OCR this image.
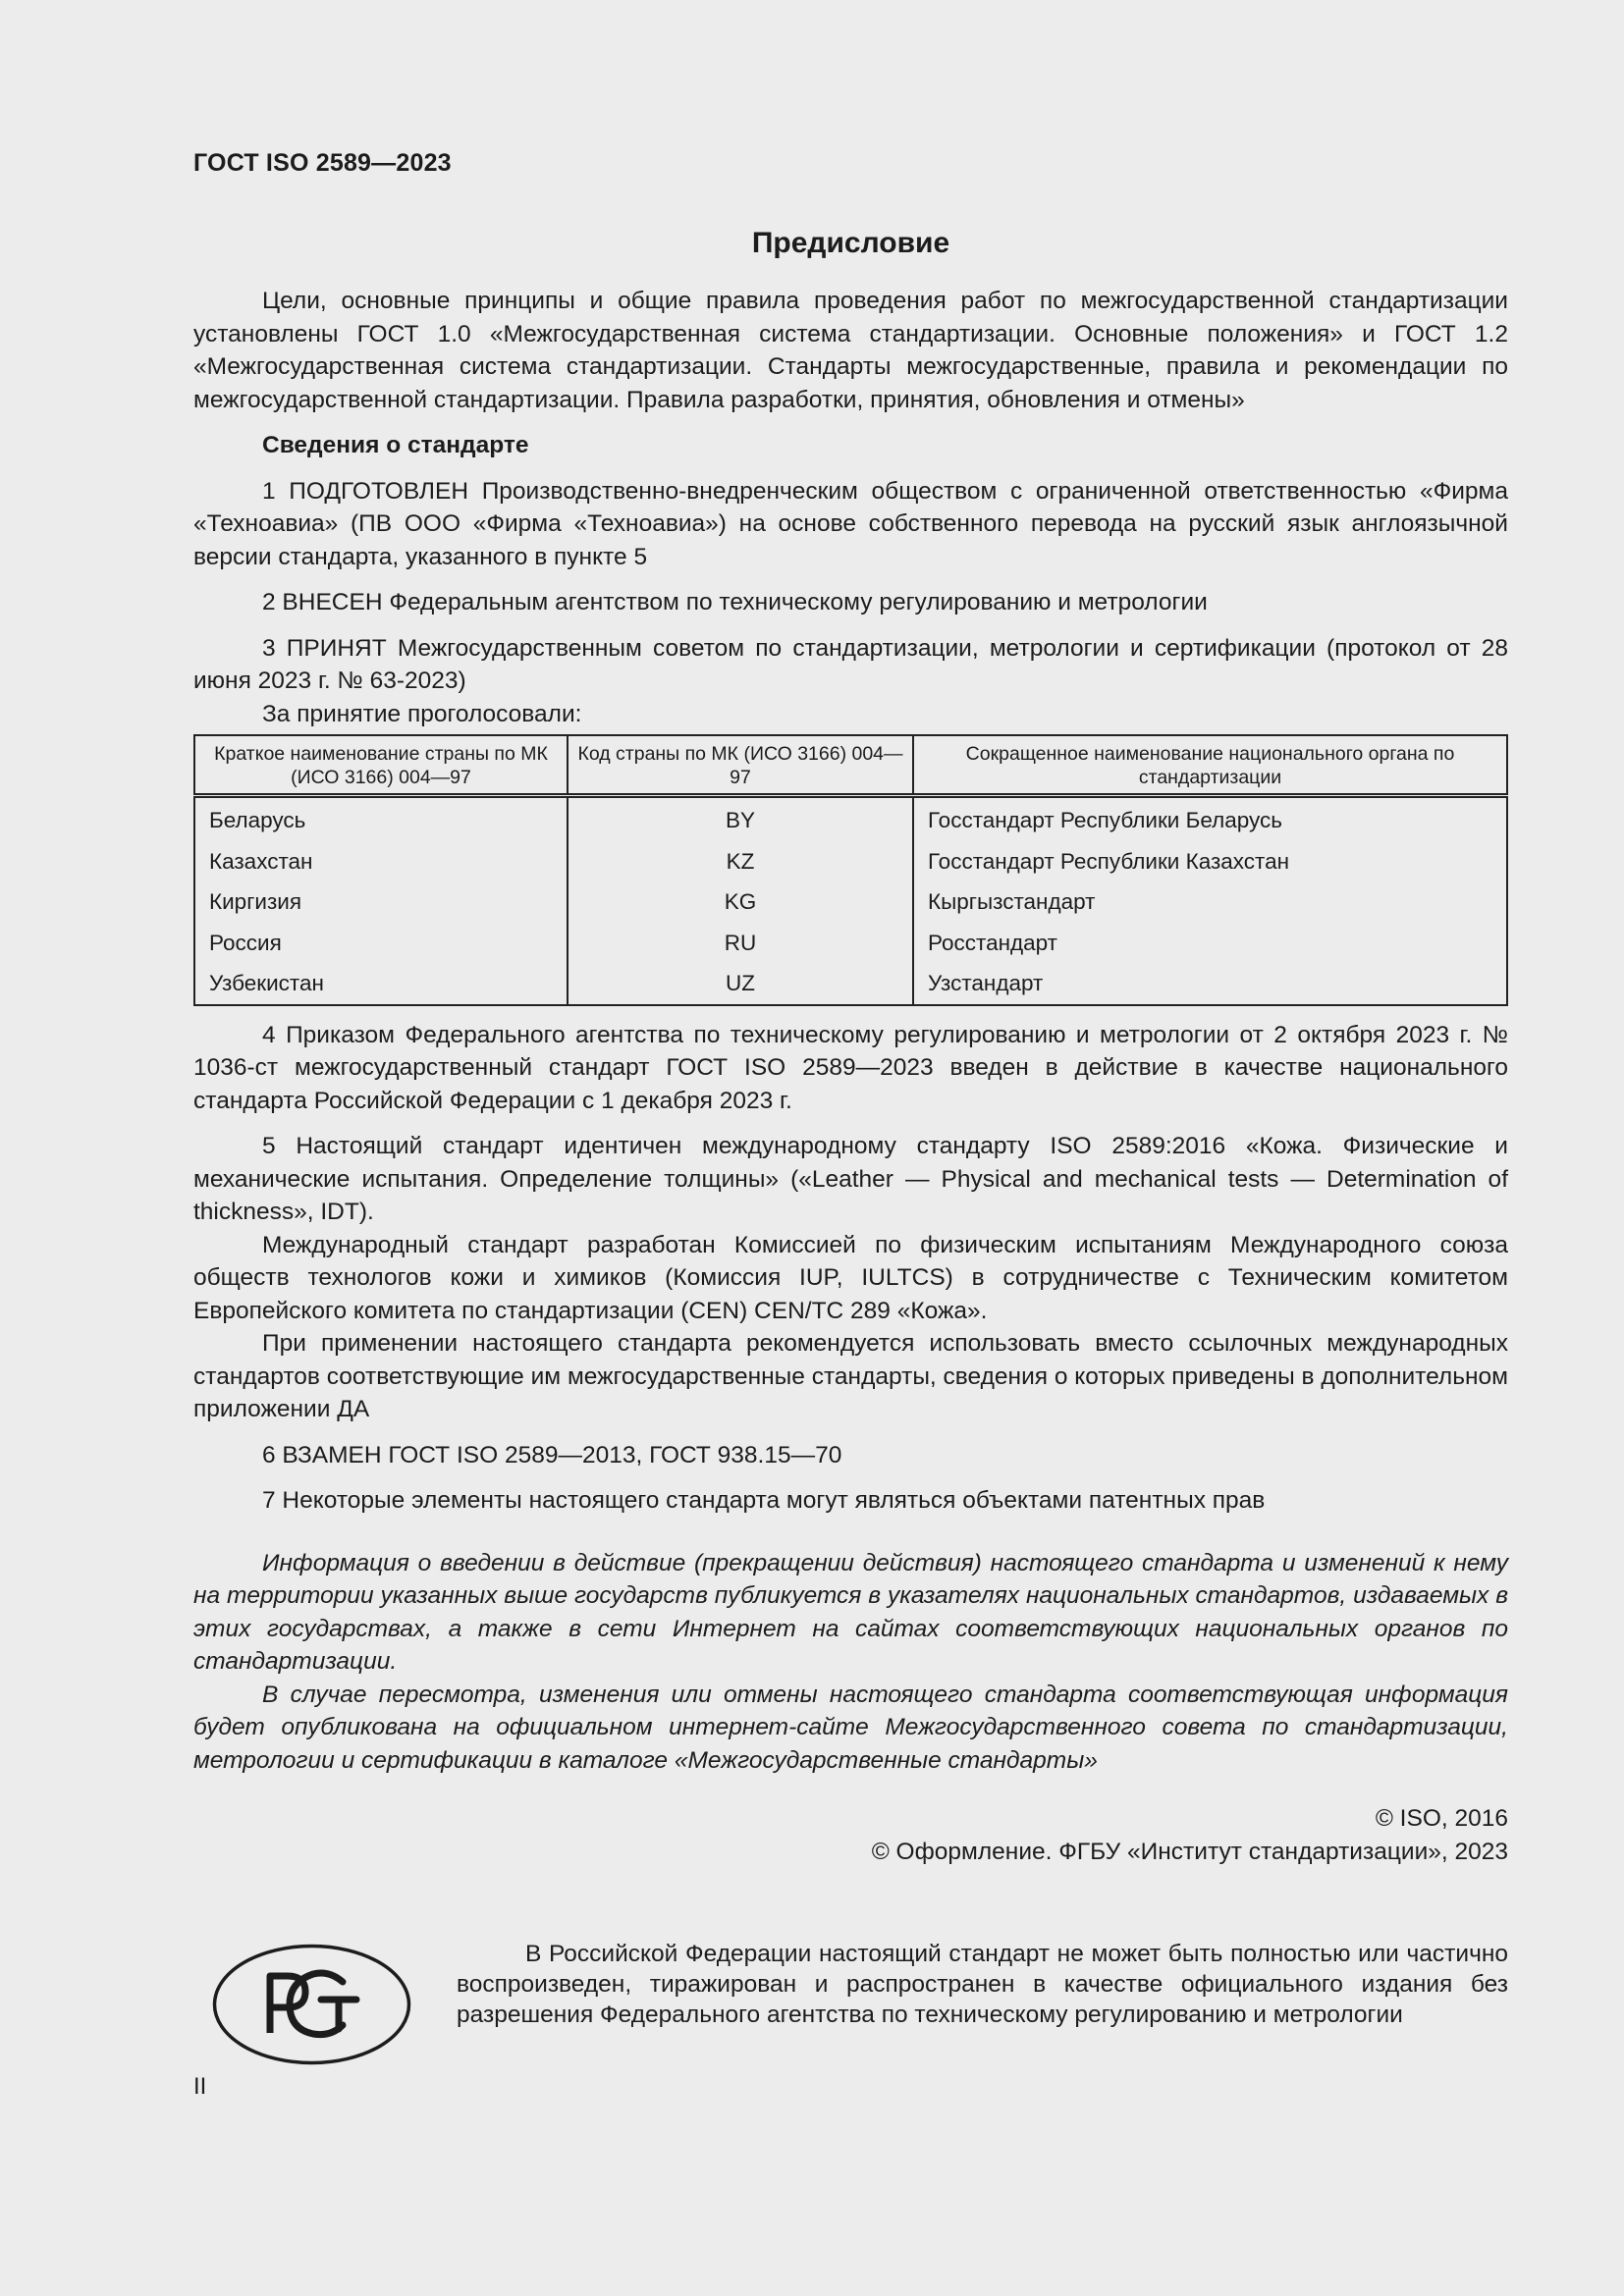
ГОСТ ISO 2589—2023
Предисловие

Цели, основные принципы и общие правила проведения работ по межгосударственной стандартизации установлены ГОСТ 1.0 «Межгосударственная система стандартизации. Основные положения» и ГОСТ 1.2 «Межгосударственная система стандартизации. Стандарты межгосударственные, правила и рекомендации по межгосударственной стандартизации. Правила разработки, принятия, обновления и отмены»

Сведения о стандарте

1 ПОДГОТОВЛЕН Производственно-внедренческим обществом с ограниченной ответственностью «Фирма «Техноавиа» (ПВ ООО «Фирма «Техноавиа») на основе собственного перевода на русский язык англоязычной версии стандарта, указанного в пункте 5

2 ВНЕСЕН Федеральным агентством по техническому регулированию и метрологии

3 ПРИНЯТ Межгосударственным советом по стандартизации, метрологии и сертификации (протокол от 28 июня 2023 г. № 63-2023)

За принятие проголосовали:

Краткое наименование страны по МК (ИСО 3166) 004—97	Код страны по МК (ИСО 3166) 004—97	Сокращенное наименование национального органа по стандартизации
Беларусь	BY	Госстандарт Республики Беларусь
Казахстан	KZ	Госстандарт Республики Казахстан
Киргизия	KG	Кыргызстандарт
Россия	RU	Росстандарт
Узбекистан	UZ	Узстандарт

4 Приказом Федерального агентства по техническому регулированию и метрологии от 2 октября 2023 г. № 1036-ст межгосударственный стандарт ГОСТ ISO 2589—2023 введен в действие в качестве национального стандарта Российской Федерации с 1 декабря 2023 г.

5 Настоящий стандарт идентичен международному стандарту ISO 2589:2016 «Кожа. Физические и механические испытания. Определение толщины» («Leather — Physical and mechanical tests — Determination of thickness», IDT).

Международный стандарт разработан Комиссией по физическим испытаниям Международного союза обществ технологов кожи и химиков (Комиссия IUP, IULTCS) в сотрудничестве с Техническим комитетом Европейского комитета по стандартизации (CEN) CEN/TC 289 «Кожа».

При применении настоящего стандарта рекомендуется использовать вместо ссылочных международных стандартов соответствующие им межгосударственные стандарты, сведения о которых приведены в дополнительном приложении ДА

6 ВЗАМЕН ГОСТ ISO 2589—2013, ГОСТ 938.15—70

7 Некоторые элементы настоящего стандарта могут являться объектами патентных прав

Информация о введении в действие (прекращении действия) настоящего стандарта и изменений к нему на территории указанных выше государств публикуется в указателях национальных стандартов, издаваемых в этих государствах, а также в сети Интернет на сайтах соответствующих национальных органов по стандартизации.

В случае пересмотра, изменения или отмены настоящего стандарта соответствующая информация будет опубликована на официальном интернет-сайте Межгосударственного совета по стандартизации, метрологии и сертификации в каталоге «Межгосударственные стандарты»

© ISO, 2016

© Оформление. ФГБУ «Институт стандартизации», 2023

В Российской Федерации настоящий стандарт не может быть полностью или частично воспроизведен, тиражирован и распространен в качестве официального издания без разрешения Федерального агентства по техническому регулированию и метрологии
II
